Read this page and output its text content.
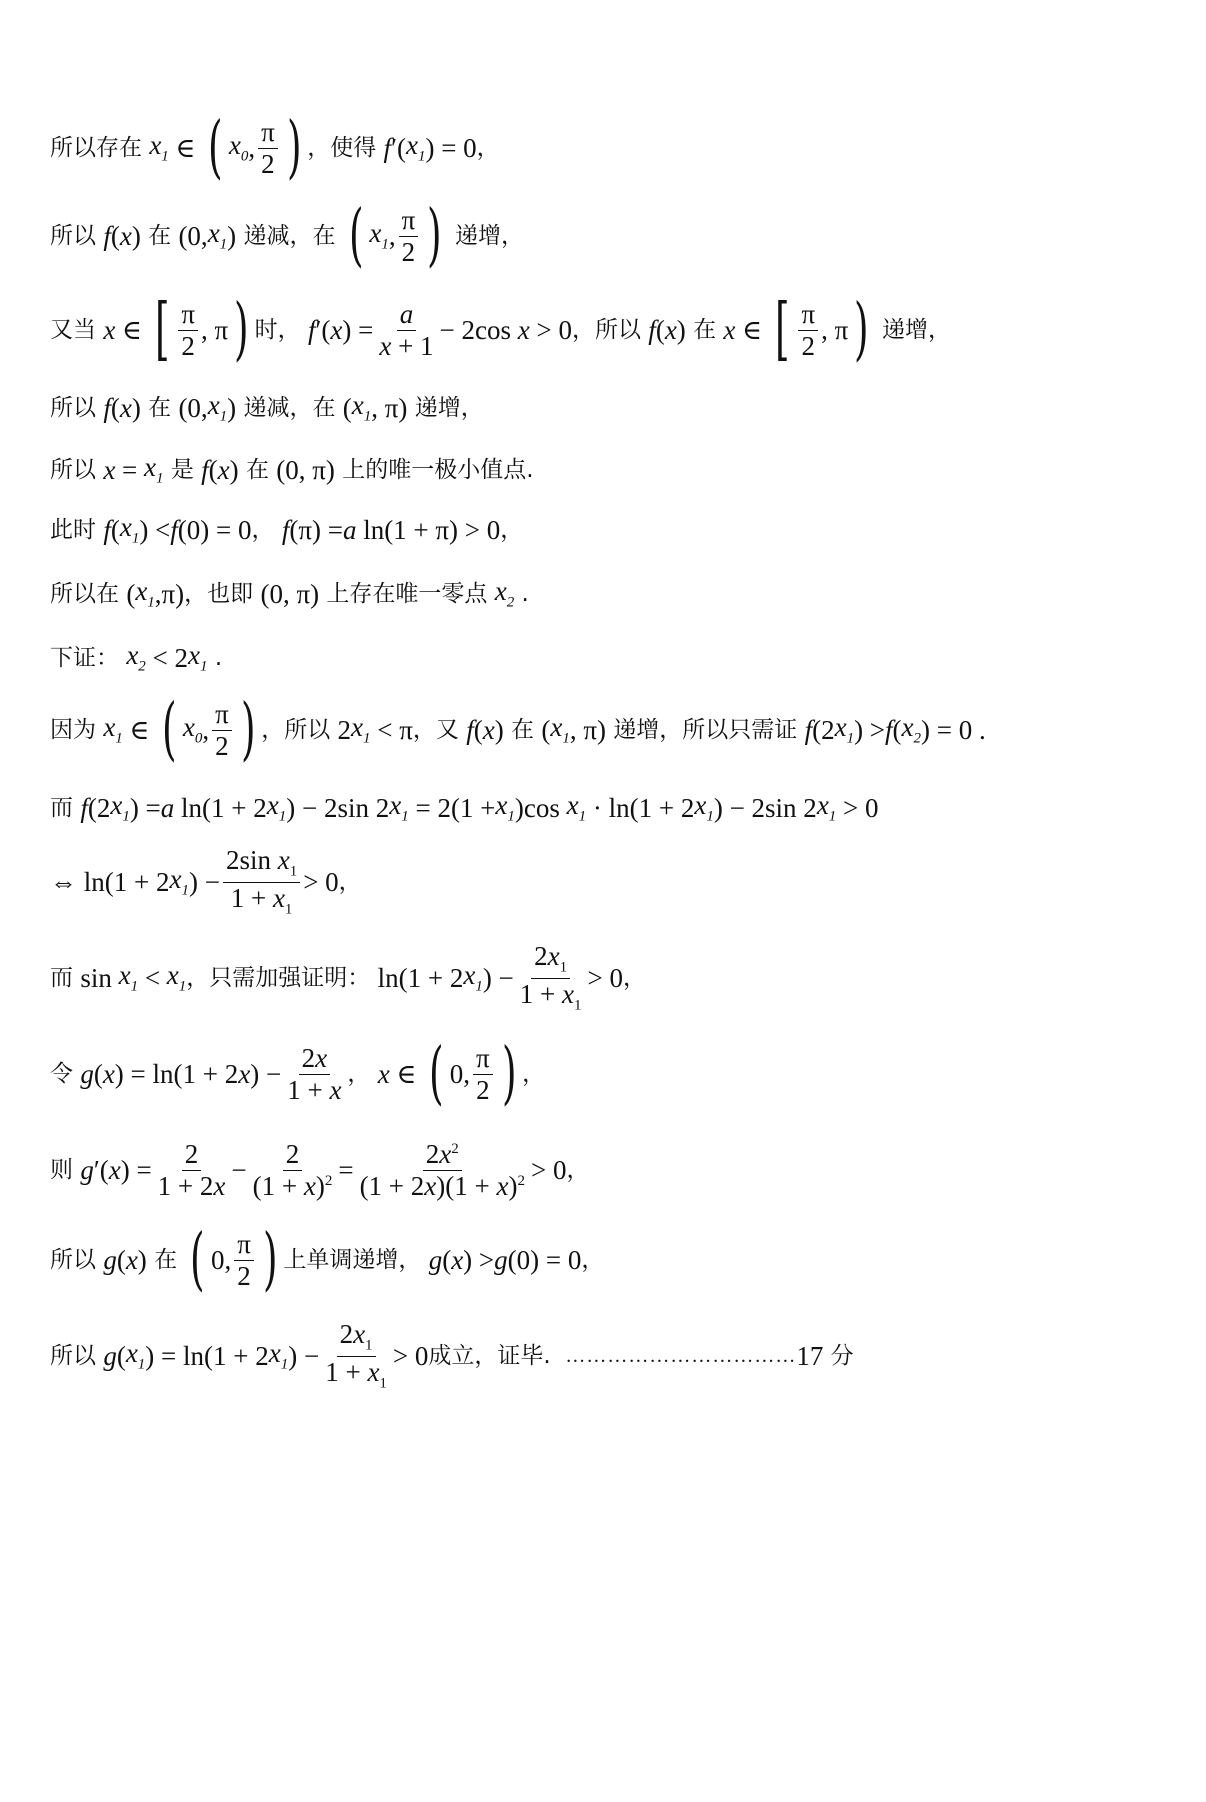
所以存在 $x_1$ ∈ ( $x_0$ , $\frac{\pi}{2}$ ) ，使得 f ′( $x_1$ ) = 0 ，
所以 f ( x ) 在 (0, $x_1$ ) 递减，在 ( $x_1$ , $\frac{\pi}{2}$ ) 递增，
又当 x ∈ [ $\frac{\pi}{2}$ , π ) 时， f ′( x ) = $\frac{a}{x + 1} - 2\cos$ x > 0 ，所以 f ( x ) 在 x ∈ [ $\frac{\pi}{2}$ , π ) 递增，
所以 f ( x ) 在 (0, $x_1$ ) 递减，在 ( $x_1$ , π) 递增，
所以 $x = x_1$ 是 f ( x ) 在 (0, π) 上的唯一极小值点.
此时 f ( $x_1$ ) < f (0) = 0 ， f (π) = a ln(1 + π) > 0 ，
所以在 ( $x_1$ ,π) ，也即 (0, π) 上存在唯一零点 $x_2$ .
下证： $x_2 < 2$ $x_1$ .
因为 $x_1$ ∈ ( $x_0$ , $\frac{\pi}{2}$ ) ，所以 2 $x_1 < \pi$ ，又 f ( x ) 在 ( $x_1$ , π) 递增，所以只需证 f (2 $x_1$ ) > f ( $x_2$ ) = 0 .
而 f (2 $x_1$ ) = a ln(1 + 2 $x_1$ ) − 2sin 2 $x_1 = 2(1 + x_1$ )cos $x_1 \cdot \ln(1 + 2$ $x_1$ ) − 2sin 2 $x_1 > 0$
⇔ ln(1 + 2 $x_1$ ) − $\frac{2\sin x_1}{1 + x_1} > 0$ ，
而 $\sin x_1 < x_1$ ，只需加强证明： ln(1 + 2 $x_1$ ) − $\frac{2x_1}{1 + x_1} > 0$ ，
令 g ( x ) = ln(1 + 2 x ) − $\frac{2x}{1 + x}$ ， x ∈ ( 0, $\frac{\pi}{2}$ ) ，
则 g ′( x ) = $\frac{2}{1 + 2x} - \frac{2}{(1 + x)^2} = \frac{2x^2}{(1 + 2x)(1 + x)^2} > 0$ ，
所以 g ( x ) 在 ( 0, $\frac{\pi}{2}$ ) 上单调递增， g ( x ) > g (0) = 0 ，
所以 g ( $x_1$ ) = ln(1 + 2 $x_1$ ) − $\frac{2x_1}{1 + x_1} > 0$ 成立，证毕. …………………………… 17 分
